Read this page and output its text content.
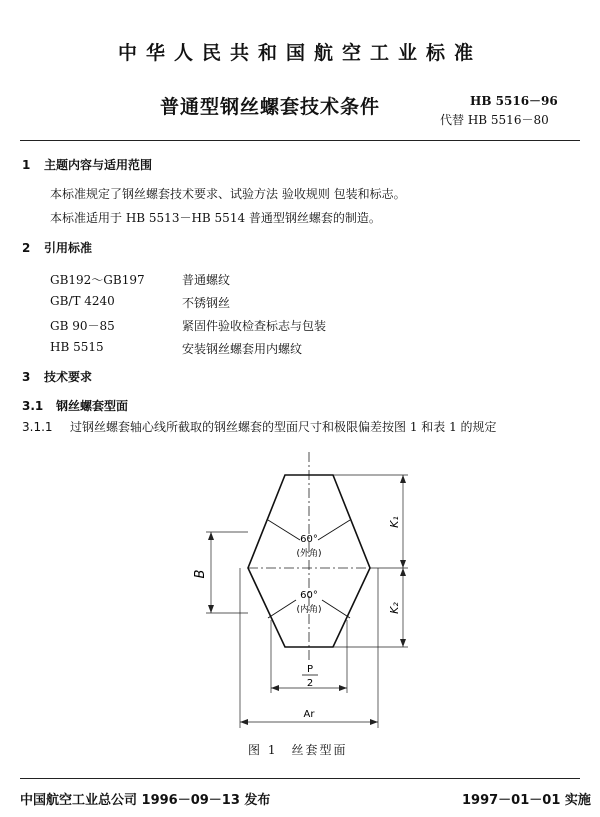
中华人民共和国航空工业标准
普通型钢丝螺套技术条件	HB 5516－96
代替 HB 5516－80
1 主题内容与适用范围
本标准规定了钢丝螺套技术要求、试验方法 验收规则 包装和标志。
本标准适用于 HB 5513－HB 5514 普通型钢丝螺套的制造。
2 引用标准
GB192～GB197	普通螺纹
GB/T 4240	不锈钢丝
GB 90－85	紧固件验收检查标志与包装
HB 5515	安装钢丝螺套用内螺纹
3 技术要求
3.1 钢丝螺套型面
3.1.1 过钢丝螺套轴心线所截取的钢丝螺套的型面尺寸和极限偏差按图 1 和表 1 的规定
60°
(外角)
60°
(内角)
B
K₁
K₂
P
2
Ar
图 1　丝套型面
中国航空工业总公司 1996－09－13 发布	1997－01－01 实施
